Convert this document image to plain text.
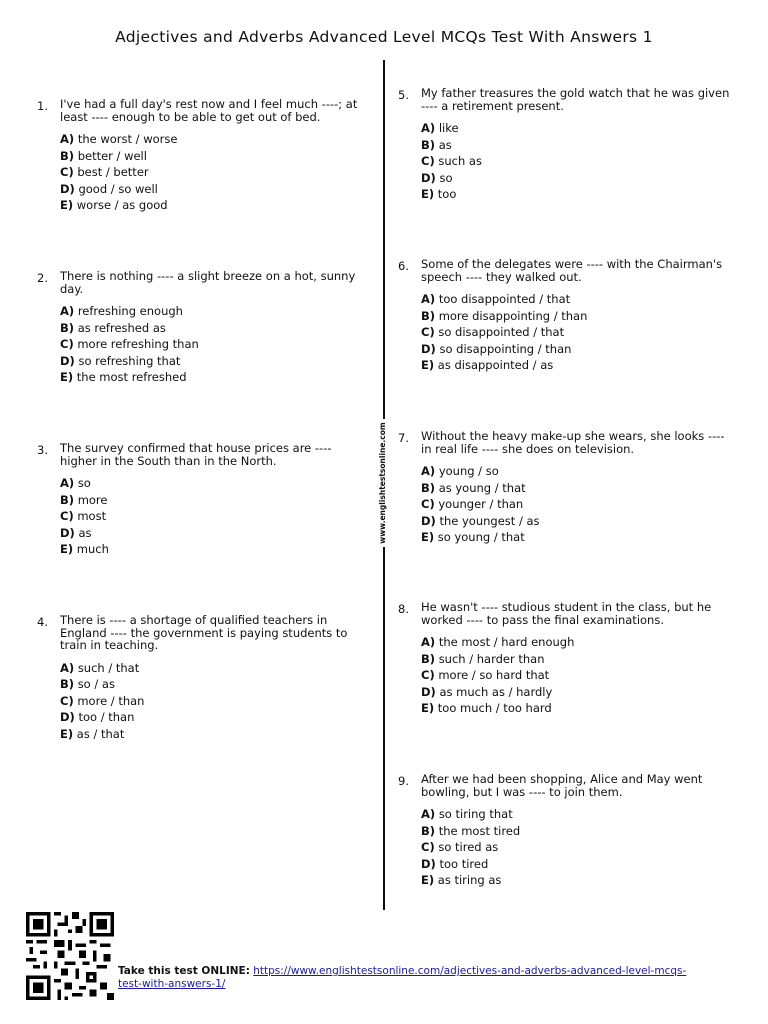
Adjectives and Adverbs Advanced Level MCQs Test With Answers 1
www.englishtestsonline.com
1. I've had a full day's rest now and I feel much ----; at least ---- enough to be able to get out of bed.

A) the worst / worse

B) better / well

C) best / better

D) good / so well

E) worse / as good

2. There is nothing ---- a slight breeze on a hot, sunny day.

A) refreshing enough

B) as refreshed as

C) more refreshing than

D) so refreshing that

E) the most refreshed

3. The survey confirmed that house prices are ---- higher in the South than in the North.

A) so

B) more

C) most

D) as

E) much

4. There is ---- a shortage of qualified teachers in England ---- the government is paying students to train in teaching.

A) such / that

B) so / as

C) more / than

D) too / than

E) as / that

5. My father treasures the gold watch that he was given ---- a retirement present.

A) like

B) as

C) such as

D) so

E) too

6. Some of the delegates were ---- with the Chairman's speech ---- they walked out.

A) too disappointed / that

B) more disappointing / than

C) so disappointed / that

D) so disappointing / than

E) as disappointed / as

7. Without the heavy make-up she wears, she looks ---- in real life ---- she does on television.

A) young / so

B) as young / that

C) younger / than

D) the youngest / as

E) so young / that

8. He wasn't ---- studious student in the class, but he worked ---- to pass the final examinations.

A) the most / hard enough

B) such / harder than

C) more / so hard that

D) as much as / hardly

E) too much / too hard

9. After we had been shopping, Alice and May went bowling, but I was ---- to join them.

A) so tiring that

B) the most tired

C) so tired as

D) too tired

E) as tiring as

Take this test ONLINE: https://www.englishtestsonline.com/adjectives-and-adverbs-advanced-level-mcqs-test-with-answers-1/
